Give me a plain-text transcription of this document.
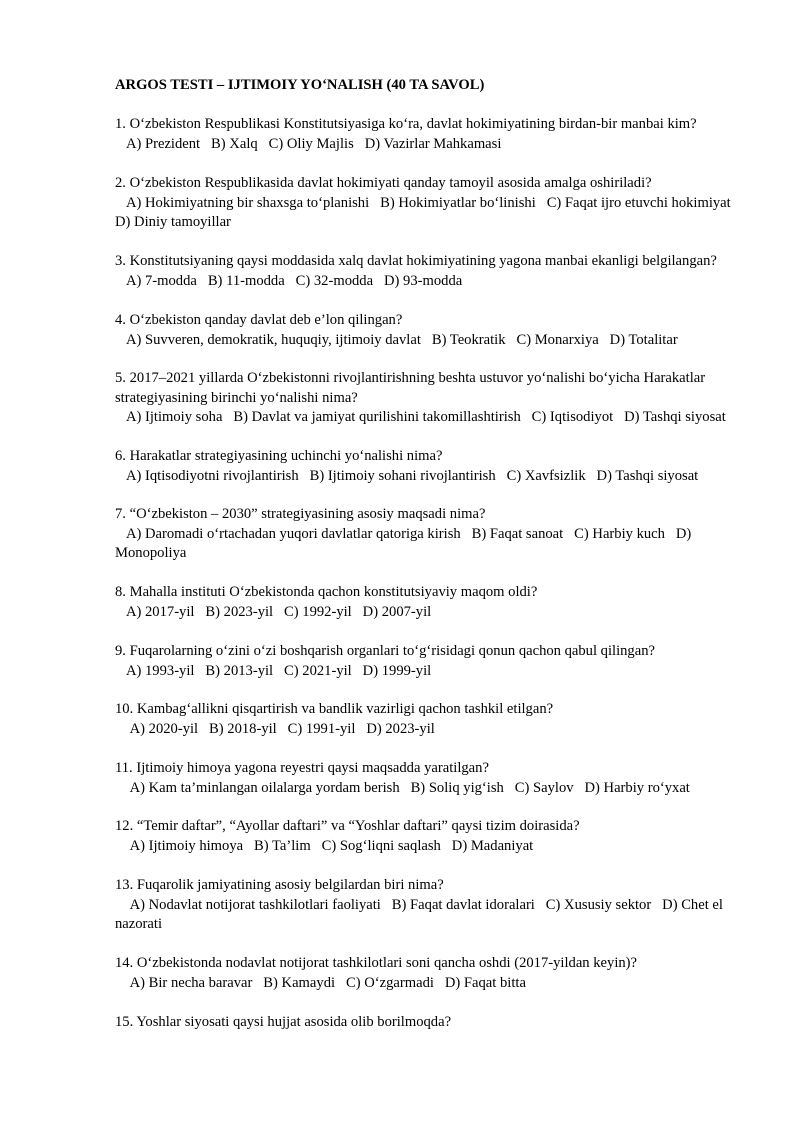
ARGOS TESTI – IJTIMOIY YO‘NALISH (40 TA SAVOL)

1. O‘zbekiston Respublikasi Konstitutsiyasiga ko‘ra, davlat hokimiyatining birdan-bir manbai kim?

A) Prezident   B) Xalq   C) Oliy Majlis   D) Vazirlar Mahkamasi

2. O‘zbekiston Respublikasida davlat hokimiyati qanday tamoyil asosida amalga oshiriladi?

A) Hokimiyatning bir shaxsga to‘planishi   B) Hokimiyatlar bo‘linishi   C) Faqat ijro etuvchi hokimiyat   D) Diniy tamoyillar

3. Konstitutsiyaning qaysi moddasida xalq davlat hokimiyatining yagona manbai ekanligi belgilangan?

A) 7-modda   B) 11-modda   C) 32-modda   D) 93-modda

4. O‘zbekiston qanday davlat deb e’lon qilingan?

A) Suvveren, demokratik, huquqiy, ijtimoiy davlat   B) Teokratik   C) Monarxiya   D) Totalitar

5. 2017–2021 yillarda O‘zbekistonni rivojlantirishning beshta ustuvor yo‘nalishi bo‘yicha Harakatlar strategiyasining birinchi yo‘nalishi nima?

A) Ijtimoiy soha   B) Davlat va jamiyat qurilishini takomillashtirish   C) Iqtisodiyot   D) Tashqi siyosat

6. Harakatlar strategiyasining uchinchi yo‘nalishi nima?

A) Iqtisodiyotni rivojlantirish   B) Ijtimoiy sohani rivojlantirish   C) Xavfsizlik   D) Tashqi siyosat

7. “O‘zbekiston – 2030” strategiyasining asosiy maqsadi nima?

A) Daromadi o‘rtachadan yuqori davlatlar qatoriga kirish   B) Faqat sanoat   C) Harbiy kuch   D) Monopoliya

8. Mahalla instituti O‘zbekistonda qachon konstitutsiyaviy maqom oldi?

A) 2017-yil   B) 2023-yil   C) 1992-yil   D) 2007-yil

9. Fuqarolarning o‘zini o‘zi boshqarish organlari to‘g‘risidagi qonun qachon qabul qilingan?

A) 1993-yil   B) 2013-yil   C) 2021-yil   D) 1999-yil

10. Kambag‘allikni qisqartirish va bandlik vazirligi qachon tashkil etilgan?

A) 2020-yil   B) 2018-yil   C) 1991-yil   D) 2023-yil

11. Ijtimoiy himoya yagona reyestri qaysi maqsadda yaratilgan?

A) Kam ta’minlangan oilalarga yordam berish   B) Soliq yig‘ish   C) Saylov   D) Harbiy ro‘yxat

12. “Temir daftar”, “Ayollar daftari” va “Yoshlar daftari” qaysi tizim doirasida?

A) Ijtimoiy himoya   B) Ta’lim   C) Sog‘liqni saqlash   D) Madaniyat

13. Fuqarolik jamiyatining asosiy belgilardan biri nima?

A) Nodavlat notijorat tashkilotlari faoliyati   B) Faqat davlat idoralari   C) Xususiy sektor   D) Chet el nazorati

14. O‘zbekistonda nodavlat notijorat tashkilotlari soni qancha oshdi (2017-yildan keyin)?

A) Bir necha baravar   B) Kamaydi   C) O‘zgarmadi   D) Faqat bitta

15. Yoshlar siyosati qaysi hujjat asosida olib borilmoqda?
